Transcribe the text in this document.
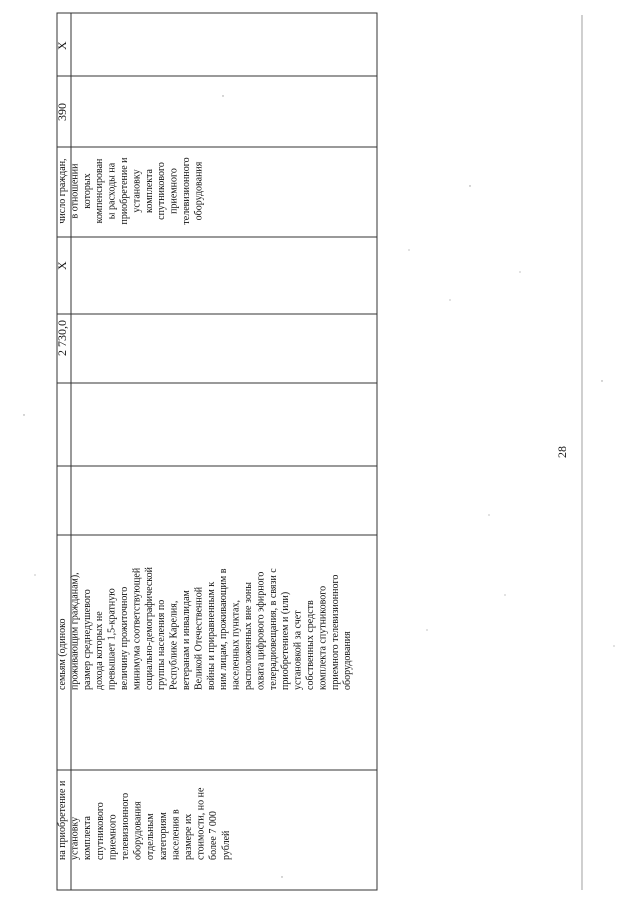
на приобретение и установку комплекта спутникового приемного телевизионного оборудования отдельным категориям населения в размере их стоимости, но не более 7 000 рублей
семьям (одинокопроживающим гражданам),размер среднедушевогодохода которых непревышает 1,5-кратнуювеличину прожиточногоминимума соответствующейсоциально-демографическойгруппы населения поРеспублике Карелия,ветеранам и инвалидамВеликой Отечественнойвойны и приравненным кним лицам, проживающим внаселенных пунктах,расположенных вне зоныохвата цифрового эфирноготелерадиовещания, в связи сприобретением и (или)установкой за счетсобственных средствкомплекта спутниковогоприемного телевизионногооборудования
2 730,0
Х
число граждан,в отношениикоторыхкомпенсированы расходы наприобретение иустановкукомплектаспутниковогоприемноготелевизионногооборудования
390
Х
28
